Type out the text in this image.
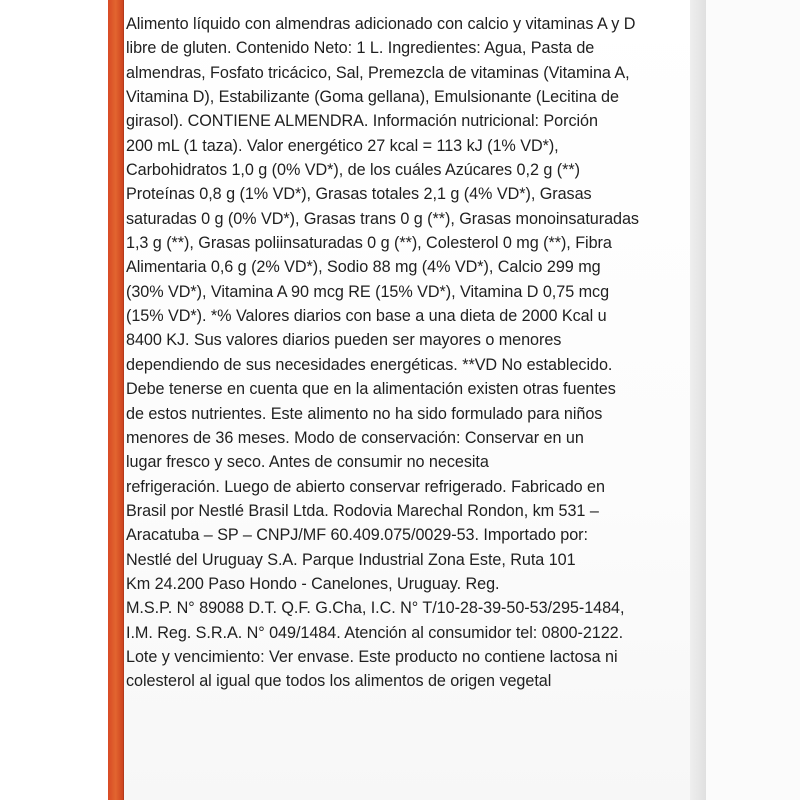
Alimento líquido con almendras adicionado con calcio y vitaminas A y D
libre de gluten. Contenido Neto: 1 L. Ingredientes: Agua, Pasta de
almendras, Fosfato tricácico, Sal, Premezcla de vitaminas (Vitamina A,
Vitamina D), Estabilizante (Goma gellana), Emulsionante (Lecitina de
girasol). CONTIENE ALMENDRA. Información nutricional: Porción
200 mL (1 taza). Valor energético 27 kcal = 113 kJ (1% VD*),
Carbohidratos 1,0 g (0% VD*), de los cuáles Azúcares 0,2 g (**)
Proteínas 0,8 g (1% VD*), Grasas totales 2,1 g (4% VD*), Grasas
saturadas 0 g (0% VD*), Grasas trans 0 g (**), Grasas monoinsaturadas
1,3 g (**), Grasas poliinsaturadas 0 g (**), Colesterol 0 mg (**), Fibra
Alimentaria 0,6 g (2% VD*), Sodio 88 mg (4% VD*), Calcio 299 mg
(30% VD*), Vitamina A 90 mcg RE (15% VD*), Vitamina D 0,75 mcg
(15% VD*). *% Valores diarios con base a una dieta de 2000 Kcal u
8400 KJ. Sus valores diarios pueden ser mayores o menores
dependiendo de sus necesidades energéticas. **VD No establecido.
Debe tenerse en cuenta que en la alimentación existen otras fuentes
de estos nutrientes. Este alimento no ha sido formulado para niños
menores de 36 meses. Modo de conservación: Conservar en un
lugar fresco y seco. Antes de consumir no necesita
refrigeración. Luego de abierto conservar refrigerado. Fabricado en
Brasil por Nestlé Brasil Ltda. Rodovia Marechal Rondon, km 531 –
Aracatuba – SP – CNPJ/MF 60.409.075/0029-53. Importado por:
Nestlé del Uruguay S.A. Parque Industrial Zona Este, Ruta 101
Km 24.200 Paso Hondo - Canelones, Uruguay. Reg.
M.S.P. N° 89088 D.T. Q.F. G.Cha, I.C. N° T/10-28-39-50-53/295-1484,
I.M. Reg. S.R.A. N° 049/1484. Atención al consumidor tel: 0800-2122.
Lote y vencimiento: Ver envase. Este producto no contiene lactosa ni
colesterol al igual que todos los alimentos de origen vegetal
